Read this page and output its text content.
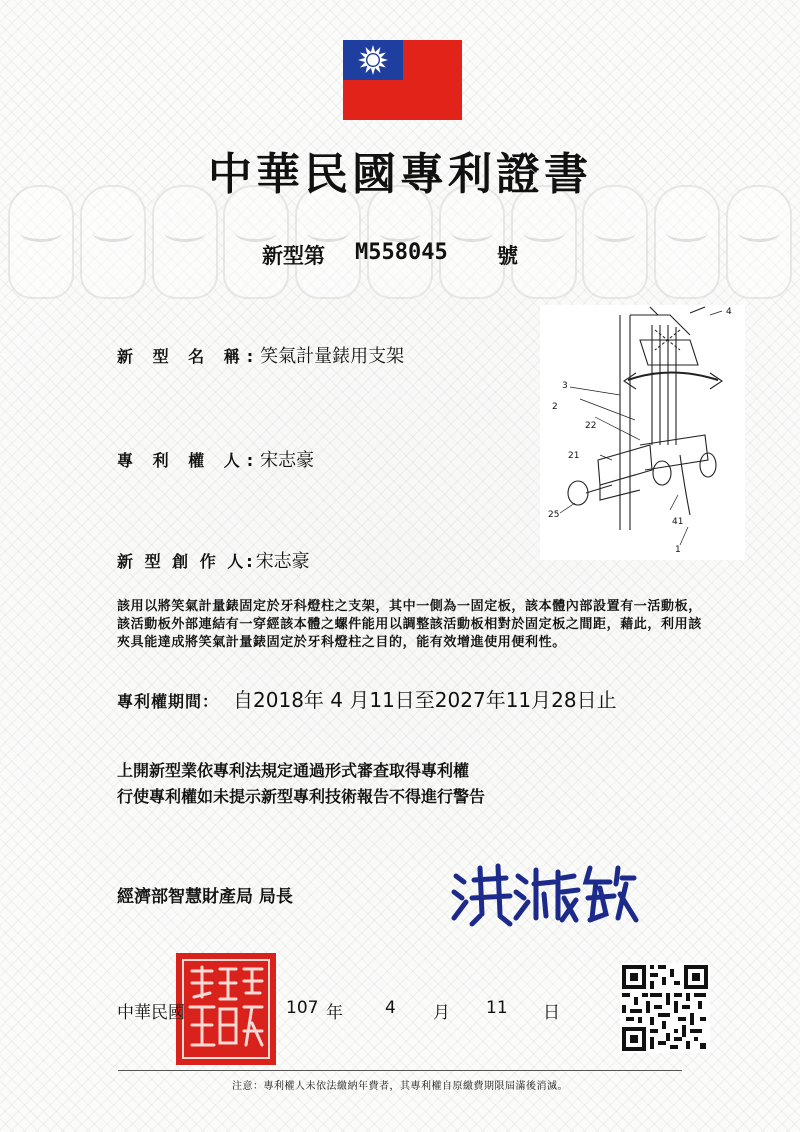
中華民國專利證書
新型第 M558045 號
新 型 名 稱:笑氣計量錶用支架
專 利 權 人:宋志豪
新 型 創 作 人:宋志豪
4
3
2
22
21
25
41
1
該用以將笑氣計量錶固定於牙科燈柱之支架，其中一側為一固定板，該本體內部設置有一活動板，
該活動板外部連結有一穿經該本體之螺件能用以調整該活動板相對於固定板之間距，藉此，利用該
夾具能達成將笑氣計量錶固定於牙科燈柱之目的，能有效增進使用便利性。
專利權期間： 自2018年 4 月11日至2027年11月28日止
上開新型業依專利法規定通過形式審查取得專利權
行使專利權如未提示新型專利技術報告不得進行警告
經濟部智慧財產局 局長
中華民國	107 年 4 月 11 日
注意：專利權人未依法繳納年費者，其專利權自原繳費期限屆滿後消滅。
